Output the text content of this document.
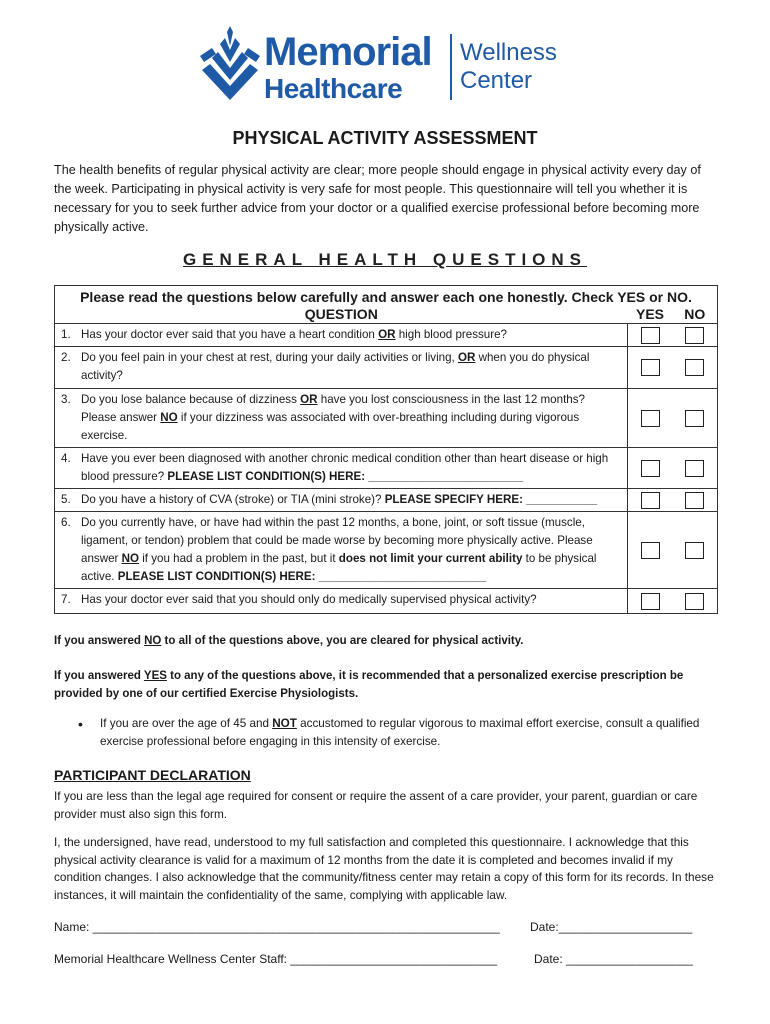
Memorial
Healthcare
Wellness
Center
PHYSICAL ACTIVITY ASSESSMENT
The health benefits of regular physical activity are clear; more people should engage in physical activity every day of the week. Participating in physical activity is very safe for most people. This questionnaire will tell you whether it is necessary for you to seek further advice from your doctor or a qualified exercise professional before becoming more physically active.
GENERAL HEALTH QUESTIONS
Please read the questions below carefully and answer each one honestly. Check YES or NO.		
QUESTION	YES	NO

1. Has your doctor ever said that you have a heart condition OR high blood pressure?		

2. Do you feel pain in your chest at rest, during your daily activities or living, OR when you do physical activity?		

3. Do you lose balance because of dizziness OR have you lost consciousness in the last 12 months? Please answer NO if your dizziness was associated with over-breathing including during vigorous exercise.		

4. Have you ever been diagnosed with another chronic medical condition other than heart disease or high blood pressure? PLEASE LIST CONDITION(S) HERE: ________________________		

5. Do you have a history of CVA (stroke) or TIA (mini stroke)? PLEASE SPECIFY HERE: ___________		

6. Do you currently have, or have had within the past 12 months, a bone, joint, or soft tissue (muscle, ligament, or tendon) problem that could be made worse by becoming more physically active. Please answer NO if you had a problem in the past, but it does not limit your current ability to be physical active. PLEASE LIST CONDITION(S) HERE: __________________________		

7. Has your doctor ever said that you should only do medically supervised physical activity?		

If you answered NO to all of the questions above, you are cleared for physical activity.
If you answered YES to any of the questions above, it is recommended that a personalized exercise prescription be provided by one of our certified Exercise Physiologists.
•	If you are over the age of 45 and NOT accustomed to regular vigorous to maximal effort exercise, consult a qualified exercise professional before engaging in this intensity of exercise.
PARTICIPANT DECLARATION
If you are less than the legal age required for consent or require the assent of a care provider, your parent, guardian or care provider must also sign this form.
I, the undersigned, have read, understood to my full satisfaction and completed this questionnaire. I acknowledge that this physical activity clearance is valid for a maximum of 12 months from the date it is completed and becomes invalid if my condition changes. I also acknowledge that the community/fitness center may retain a copy of this form for its records. In these instances, it will maintain the confidentiality of the same, complying with applicable law.
Name: _____________________________________________________________	Date:____________________
Memorial Healthcare Wellness Center Staff: _______________________________	Date: ___________________
